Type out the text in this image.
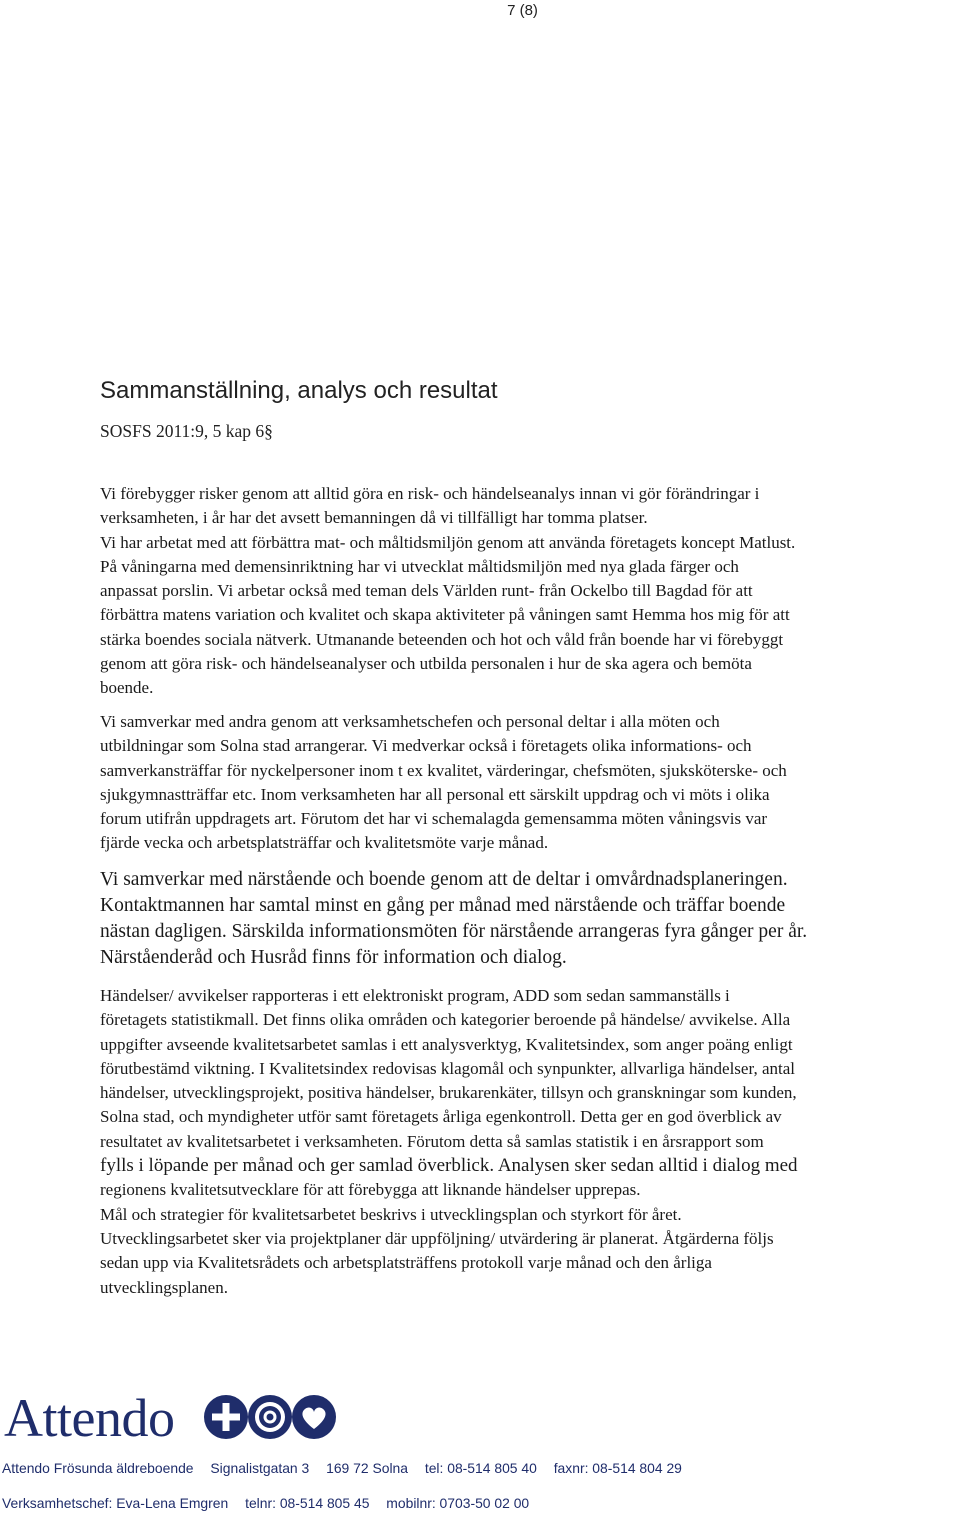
7 (8)
Sammanställning, analys och resultat
SOSFS 2011:9, 5 kap 6§

Vi förebygger risker genom att alltid göra en risk- och händelseanalys innan vi gör förändringar i
verksamheten, i år har det avsett bemanningen då vi tillfälligt har tomma platser.
Vi har arbetat med att förbättra mat- och måltidsmiljön genom att använda företagets koncept Matlust.
På våningarna med demensinriktning har vi utvecklat måltidsmiljön med nya glada färger och
anpassat porslin. Vi arbetar också med teman dels Världen runt- från Ockelbo till Bagdad för att
förbättra matens variation och kvalitet och skapa aktiviteter på våningen samt Hemma hos mig för att
stärka boendes sociala nätverk. Utmanande beteenden och hot och våld från boende har vi förebyggt
genom att göra risk- och händelseanalyser och utbilda personalen i hur de ska agera och bemöta
boende.

Vi samverkar med andra genom att verksamhetschefen och personal deltar i alla möten och
utbildningar som Solna stad arrangerar. Vi medverkar också i företagets olika informations- och
samverkansträffar för nyckelpersoner inom t ex kvalitet, värderingar, chefsmöten, sjuksköterske- och
sjukgymnastträffar etc. Inom verksamheten har all personal ett särskilt uppdrag och vi möts i olika
forum utifrån uppdragets art. Förutom det har vi schemalagda gemensamma möten våningsvis var
fjärde vecka och arbetsplatsträffar och kvalitetsmöte varje månad.

Vi samverkar med närstående och boende genom att de deltar i omvårdnadsplaneringen.
Kontaktmannen har samtal minst en gång per månad med närstående och träffar boende
nästan dagligen. Särskilda informationsmöten för närstående arrangeras fyra gånger per år.
Närståenderåd och Husråd finns för information och dialog.

Händelser/ avvikelser rapporteras i ett elektroniskt program, ADD som sedan sammanställs i
företagets statistikmall. Det finns olika områden och kategorier beroende på händelse/ avvikelse. Alla
uppgifter avseende kvalitetsarbetet samlas i ett analysverktyg, Kvalitetsindex, som anger poäng enligt
förutbestämd viktning. I Kvalitetsindex redovisas klagomål och synpunkter, allvarliga händelser, antal
händelser, utvecklingsprojekt, positiva händelser, brukarenkäter, tillsyn och granskningar som kunden,
Solna stad, och myndigheter utför samt företagets årliga egenkontroll. Detta ger en god överblick av
resultatet av kvalitetsarbetet i verksamheten. Förutom detta så samlas statistik i en årsrapport som
fylls i löpande per månad och ger samlad överblick. Analysen sker sedan alltid i dialog med
regionens kvalitetsutvecklare för att förebygga att liknande händelser upprepas.
Mål och strategier för kvalitetsarbetet beskrivs i utvecklingsplan och styrkort för året.
Utvecklingsarbetet sker via projektplaner där uppföljning/ utvärdering är planerat. Åtgärderna följs
sedan upp via Kvalitetsrådets och arbetsplatsträffens protokoll varje månad och den årliga
utvecklingsplanen.

Attendo
Attendo Frösunda äldreboende Signalistgatan 3 169 72 Solna tel: 08-514 805 40 faxnr: 08-514 804 29
Verksamhetschef: Eva-Lena Emgren telnr: 08-514 805 45 mobilnr: 0703-50 02 00
